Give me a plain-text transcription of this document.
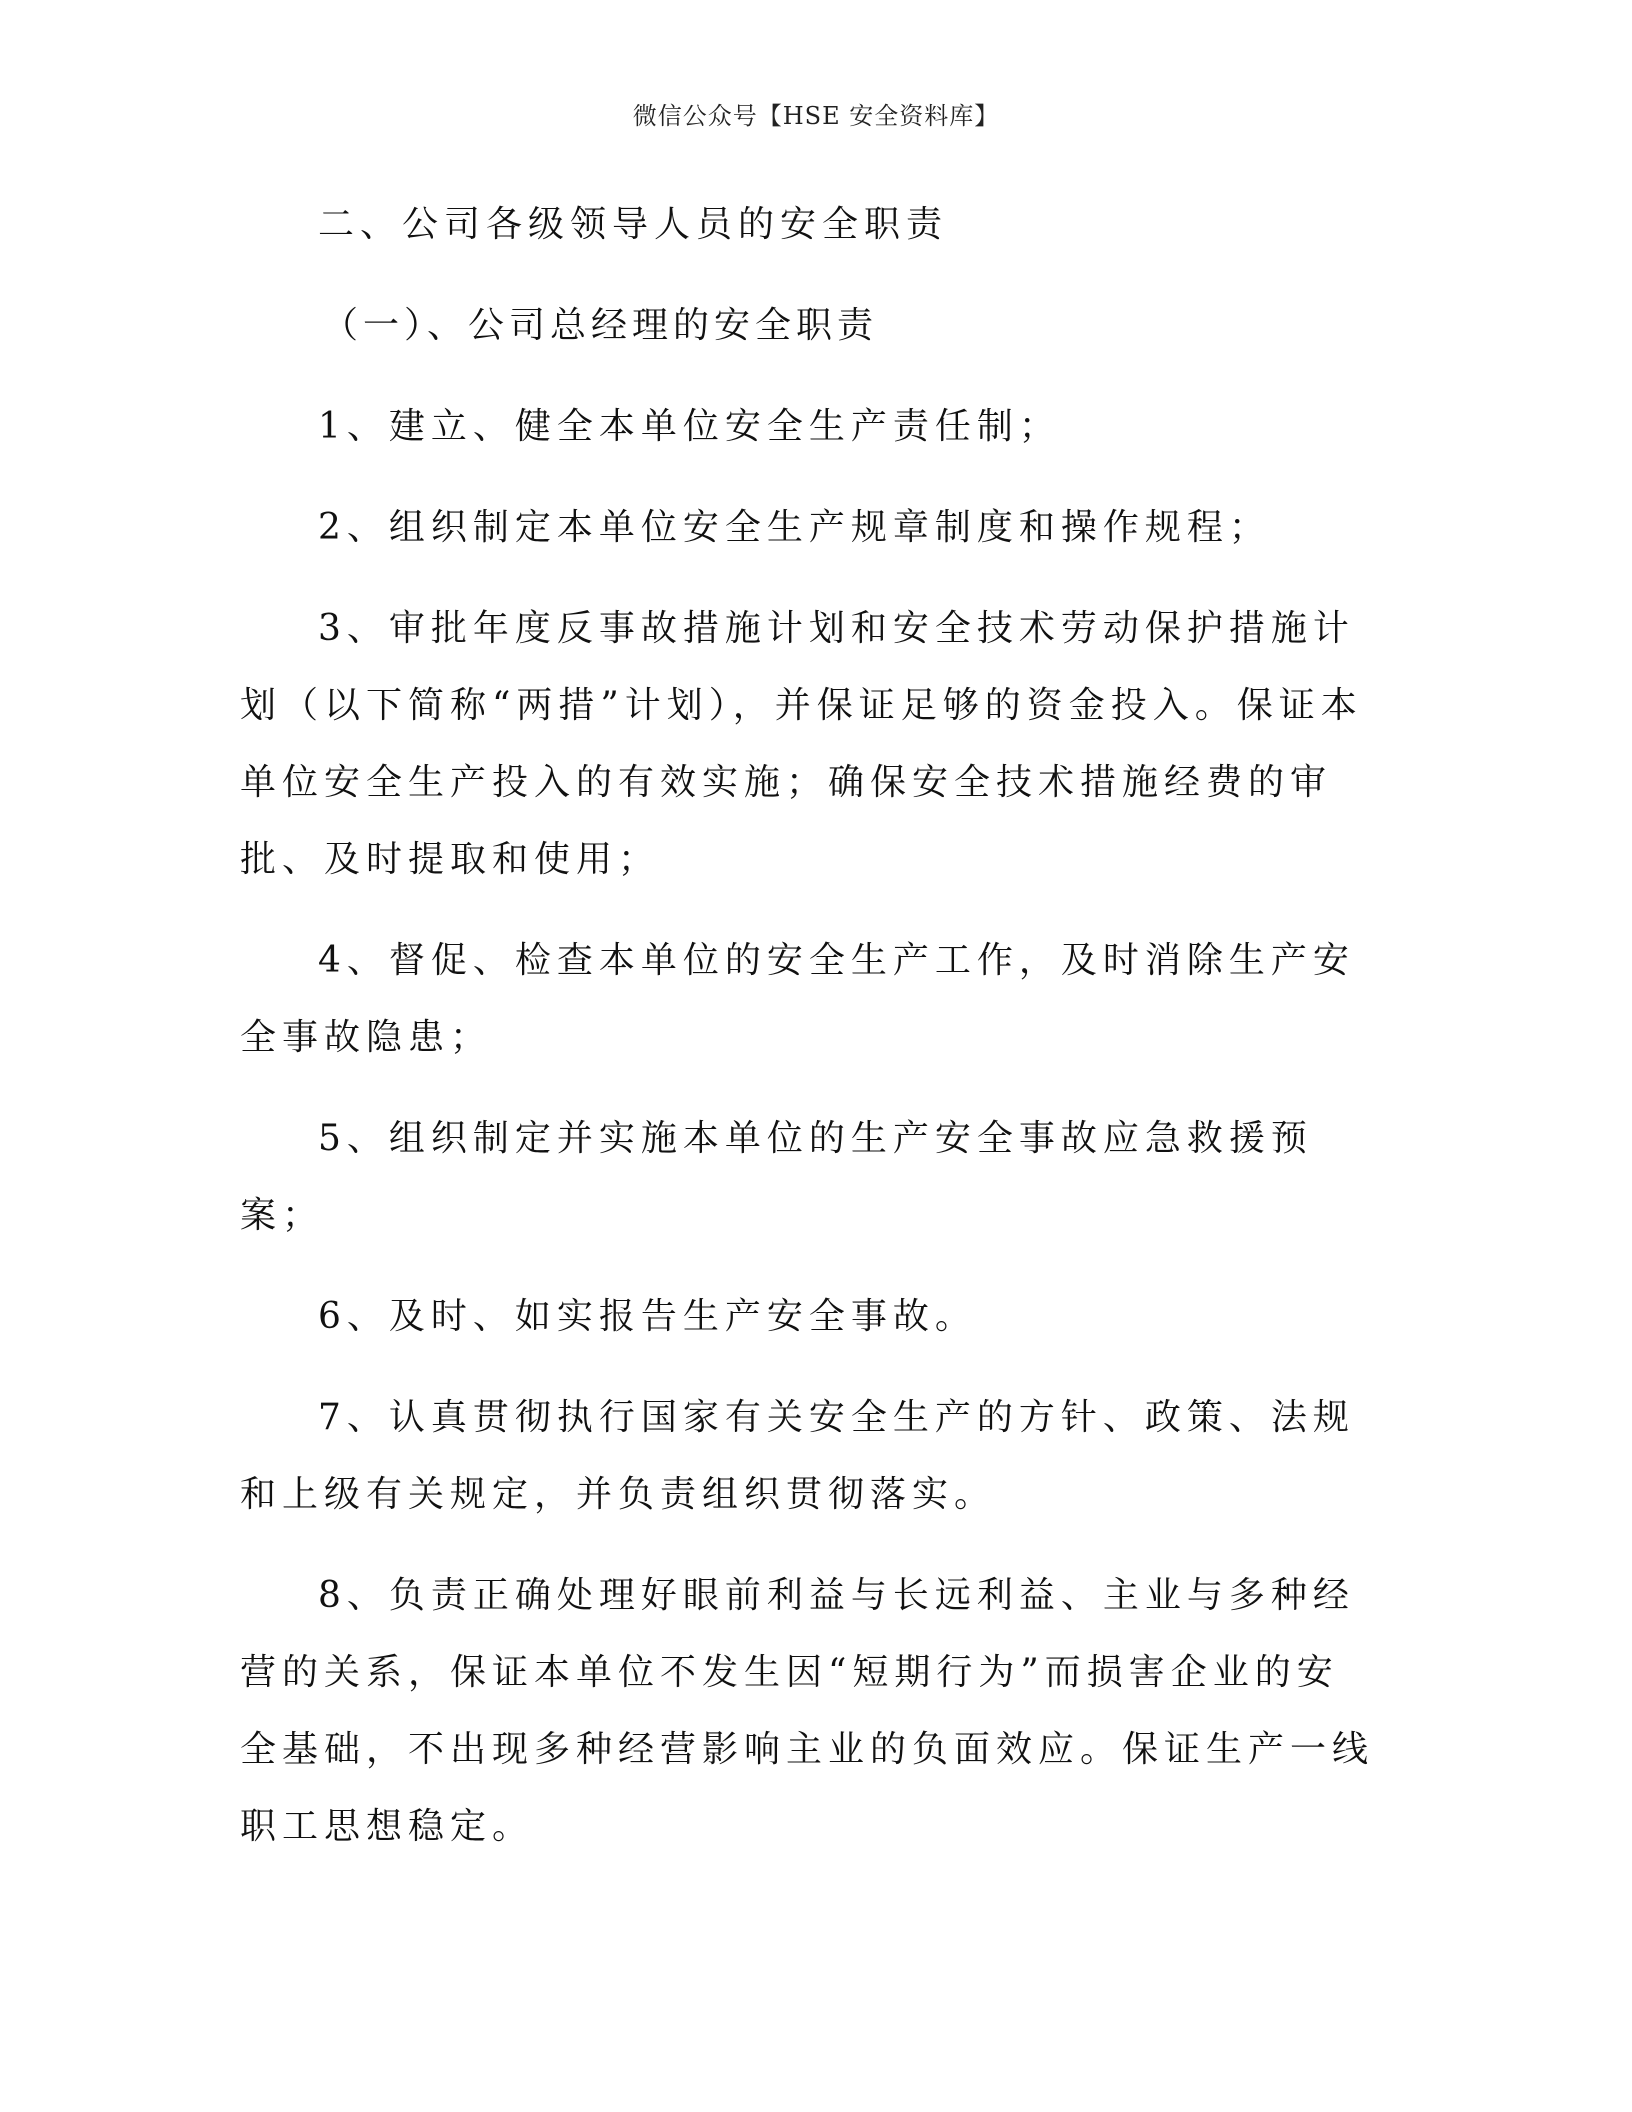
微信公众号【HSE 安全资料库】

二、公司各级领导人员的安全职责

（一）、公司总经理的安全职责

1、建立、健全本单位安全生产责任制；

2、组织制定本单位安全生产规章制度和操作规程；

3、审批年度反事故措施计划和安全技术劳动保护措施计划（以下简称“两措”计划），并保证足够的资金投入。保证本单位安全生产投入的有效实施；确保安全技术措施经费的审批、及时提取和使用；

4、督促、检查本单位的安全生产工作，及时消除生产安全事故隐患；

5、组织制定并实施本单位的生产安全事故应急救援预案；

6、及时、如实报告生产安全事故。

7、认真贯彻执行国家有关安全生产的方针、政策、法规和上级有关规定，并负责组织贯彻落实。

8、负责正确处理好眼前利益与长远利益、主业与多种经营的关系，保证本单位不发生因“短期行为”而损害企业的安全基础，不出现多种经营影响主业的负面效应。保证生产一线职工思想稳定。
